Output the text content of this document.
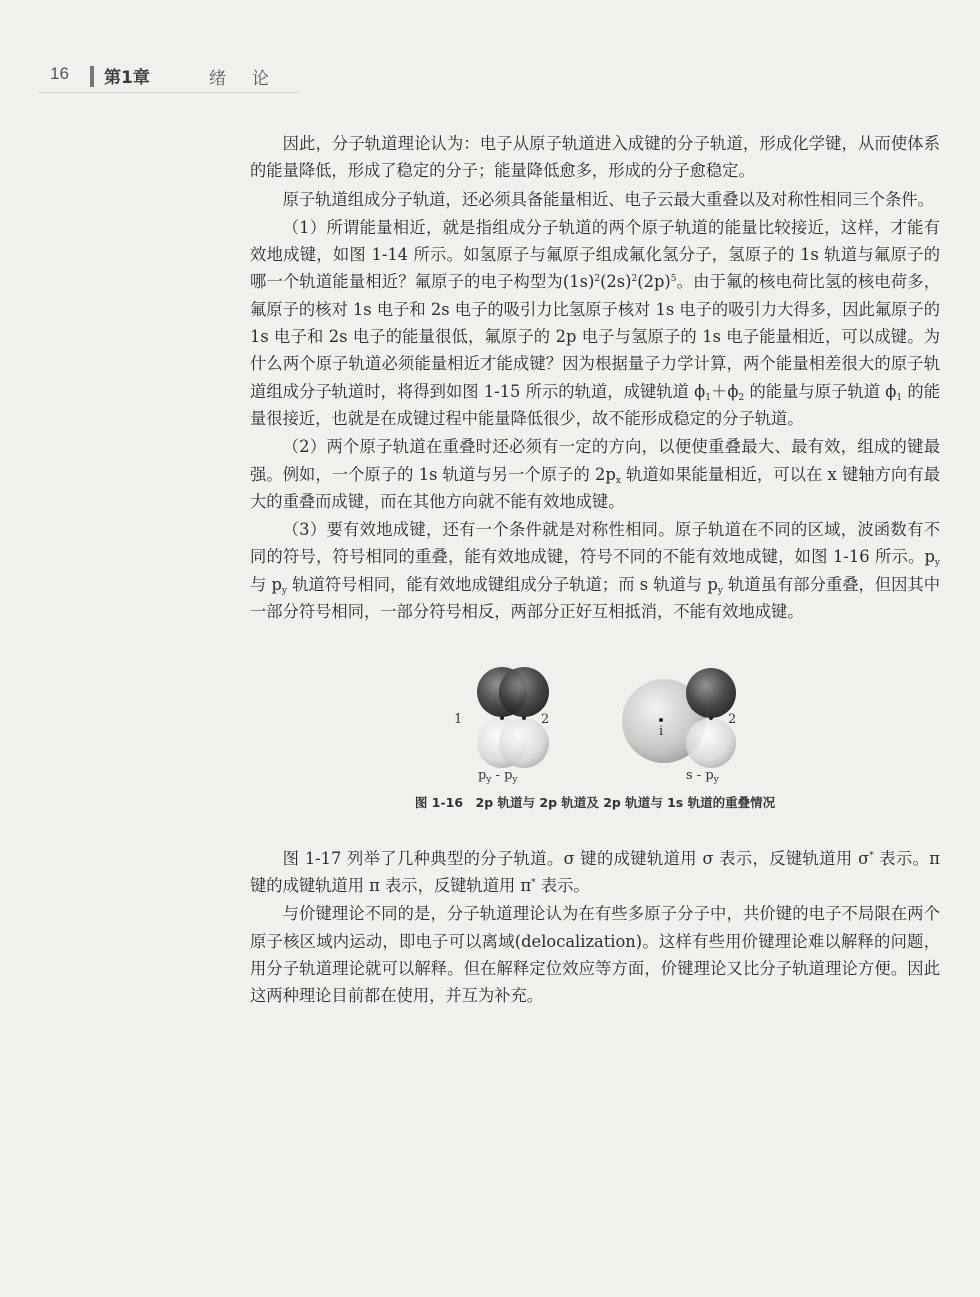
16 第1章	绪论

因此，分子轨道理论认为：电子从原子轨道进入成键的分子轨道，形成化学键，从而使体系的能量降低，形成了稳定的分子；能量降低愈多，形成的分子愈稳定。

原子轨道组成分子轨道，还必须具备能量相近、电子云最大重叠以及对称性相同三个条件。

（1）所谓能量相近，就是指组成分子轨道的两个原子轨道的能量比较接近，这样，才能有效地成键，如图 1-14 所示。如氢原子与氟原子组成氟化氢分子，氢原子的 1s 轨道与氟原子的哪一个轨道能量相近？氟原子的电子构型为$(1s)^2(2s)^2(2p)^5$。由于氟的核电荷比氢的核电荷多，氟原子的核对 1s 电子和 2s 电子的吸引力比氢原子核对 1s 电子的吸引力大得多，因此氟原子的 1s 电子和 2s 电子的能量很低，氟原子的 2p 电子与氢原子的 1s 电子能量相近，可以成键。为什么两个原子轨道必须能量相近才能成键？因为根据量子力学计算，两个能量相差很大的原子轨道组成分子轨道时，将得到如图 1-15 所示的轨道，成键轨道 $\phi_1+\phi_2$ 的能量与原子轨道 $\phi_1$ 的能量很接近，也就是在成键过程中能量降低很少，故不能形成稳定的分子轨道。

（2）两个原子轨道在重叠时还必须有一定的方向，以便使重叠最大、最有效，组成的键最强。例如，一个原子的 1s 轨道与另一个原子的 $2p_x$ 轨道如果能量相近，可以在 x 键轴方向有最大的重叠而成键，而在其他方向就不能有效地成键。

（3）要有效地成键，还有一个条件就是对称性相同。原子轨道在不同的区域，波函数有不同的符号，符号相同的重叠，能有效地成键，符号不同的不能有效地成键，如图 1-16 所示。$p_y$ 与 $p_y$ 轨道符号相同，能有效地成键组成分子轨道；而 s 轨道与 $p_y$ 轨道虽有部分重叠，但因其中一部分符号相同，一部分符号相反，两部分正好互相抵消，不能有效地成键。

1	2
i
2
$p_y - p_y$	s - $p_y$
图 1-16　2p 轨道与 2p 轨道及 2p 轨道与 1s 轨道的重叠情况

图 1-17 列举了几种典型的分子轨道。σ 键的成键轨道用 σ 表示，反键轨道用 σ* 表示。π 键的成键轨道用 π 表示，反键轨道用 π* 表示。

与价键理论不同的是，分子轨道理论认为在有些多原子分子中，共价键的电子不局限在两个原子核区域内运动，即电子可以离域(delocalization)。这样有些用价键理论难以解释的问题，用分子轨道理论就可以解释。但在解释定位效应等方面，价键理论又比分子轨道理论方便。因此这两种理论目前都在使用，并互为补充。
